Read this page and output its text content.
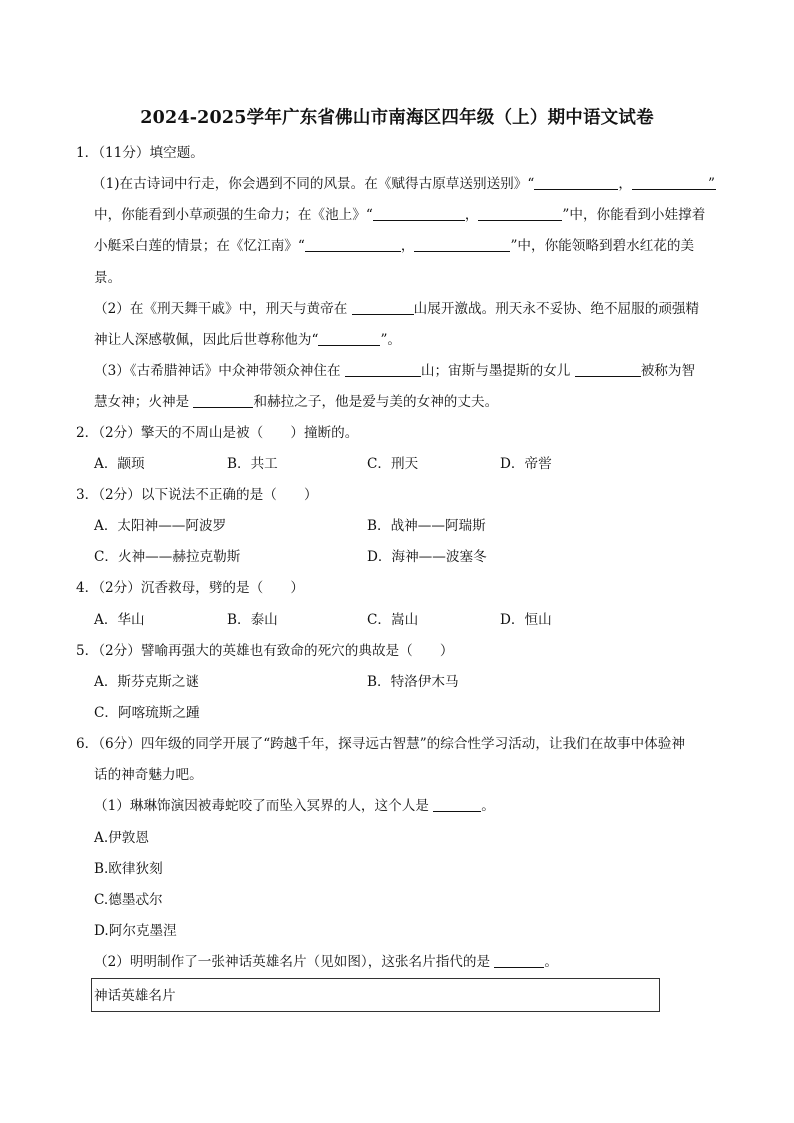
2024-2025学年广东省佛山市南海区四年级（上）期中语文试卷
1．（11分）填空题。
（1)在古诗词中行走，你会遇到不同的风景。在《赋得古原草送别送别》“	，	”
中，你能看到小草顽强的生命力；在《池上》“	，	”中，你能看到小娃撑着
小艇采白莲的情景；在《忆江南》“	，	”中，你能领略到碧水红花的美
景。
（2）在《刑天舞干戚》中，刑天与黄帝在	山展开激战。刑天永不妥协、绝不屈服的顽强精
神让人深感敬佩，因此后世尊称他为“	”。
（3）《古希腊神话》中众神带领众神住在	山；宙斯与墨提斯的女儿	被称为智
慧女神；火神是	和赫拉之子，他是爱与美的女神的丈夫。
2．（2分）擎天的不周山是被（　　）撞断的。
A．颛顼	B．共工	C．刑天	D．帝喾
3．（2分）以下说法不正确的是（　　）
A．太阳神——阿波罗	B．战神——阿瑞斯
C．火神——赫拉克勒斯	D．海神——波塞冬
4．（2分）沉香救母，劈的是（　　）
A．华山	B．泰山	C．嵩山	D．恒山
5．（2分）譬喻再强大的英雄也有致命的死穴的典故是（　　）
A．斯芬克斯之谜	B．特洛伊木马
C．阿喀琉斯之踵
6．（6分）四年级的同学开展了“跨越千年，探寻远古智慧”的综合性学习活动，让我们在故事中体验神
话的神奇魅力吧。
（1）琳琳饰演因被毒蛇咬了而坠入冥界的人，这个人是	。
A.伊敦恩
B.欧律狄刻
C.德墨忒尔
D.阿尔克墨涅
（2）明明制作了一张神话英雄名片（见如图），这张名片指代的是	。
神话英雄名片
